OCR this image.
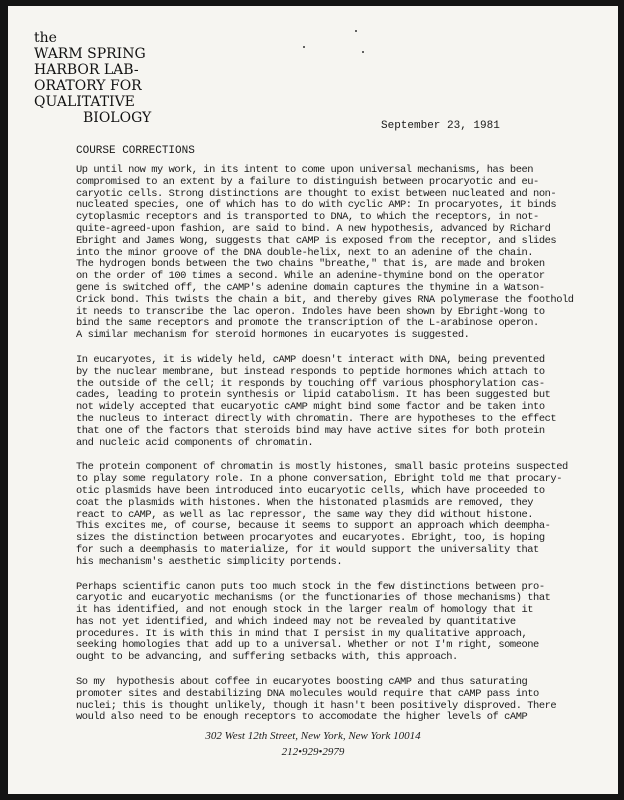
the
WARM SPRING
HARBOR LAB-
ORATORY FOR
QUALITATIVE
BIOLOGY	September 23, 1981
COURSE CORRECTIONS
Up until now my work, in its intent to come upon universal mechanisms, has been
compromised to an extent by a failure to distinguish between procaryotic and eu-
caryotic cells. Strong distinctions are thought to exist between nucleated and non-
nucleated species, one of which has to do with cyclic AMP: In procaryotes, it binds
cytoplasmic receptors and is transported to DNA, to which the receptors, in not-
quite-agreed-upon fashion, are said to bind. A new hypothesis, advanced by Richard
Ebright and James Wong, suggests that cAMP is exposed from the receptor, and slides
into the minor groove of the DNA double-helix, next to an adenine of the chain.
The hydrogen bonds between the two chains "breathe," that is, are made and broken
on the order of 100 times a second. While an adenine-thymine bond on the operator
gene is switched off, the cAMP's adenine domain captures the thymine in a Watson-
Crick bond. This twists the chain a bit, and thereby gives RNA polymerase the foothold
it needs to transcribe the lac operon. Indoles have been shown by Ebright-Wong to
bind the same receptors and promote the transcription of the L-arabinose operon.
A similar mechanism for steroid hormones in eucaryotes is suggested.
In eucaryotes, it is widely held, cAMP doesn't interact with DNA, being prevented
by the nuclear membrane, but instead responds to peptide hormones which attach to
the outside of the cell; it responds by touching off various phosphorylation cas-
cades, leading to protein synthesis or lipid catabolism. It has been suggested but
not widely accepted that eucaryotic cAMP might bind some factor and be taken into
the nucleus to interact directly with chromatin. There are hypotheses to the effect
that one of the factors that steroids bind may have active sites for both protein
and nucleic acid components of chromatin.
The protein component of chromatin is mostly histones, small basic proteins suspected
to play some regulatory role. In a phone conversation, Ebright told me that procary-
otic plasmids have been introduced into eucaryotic cells, which have proceeded to
coat the plasmids with histones. When the histonated plasmids are removed, they
react to cAMP, as well as lac repressor, the same way they did without histone.
This excites me, of course, because it seems to support an approach which deempha-
sizes the distinction between procaryotes and eucaryotes. Ebright, too, is hoping
for such a deemphasis to materialize, for it would support the universality that
his mechanism's aesthetic simplicity portends.
Perhaps scientific canon puts too much stock in the few distinctions between pro-
caryotic and eucaryotic mechanisms (or the functionaries of those mechanisms) that
it has identified, and not enough stock in the larger realm of homology that it
has not yet identified, and which indeed may not be revealed by quantitative
procedures. It is with this in mind that I persist in my qualitative approach,
seeking homologies that add up to a universal. Whether or not I'm right, someone
ought to be advancing, and suffering setbacks with, this approach.
So my  hypothesis about coffee in eucaryotes boosting cAMP and thus saturating
promoter sites and destabilizing DNA molecules would require that cAMP pass into
nuclei; this is thought unlikely, though it hasn't been positively disproved. There
would also need to be enough receptors to accomodate the higher levels of cAMP
302 West 12th Street, New York, New York 10014
212•929•2979
